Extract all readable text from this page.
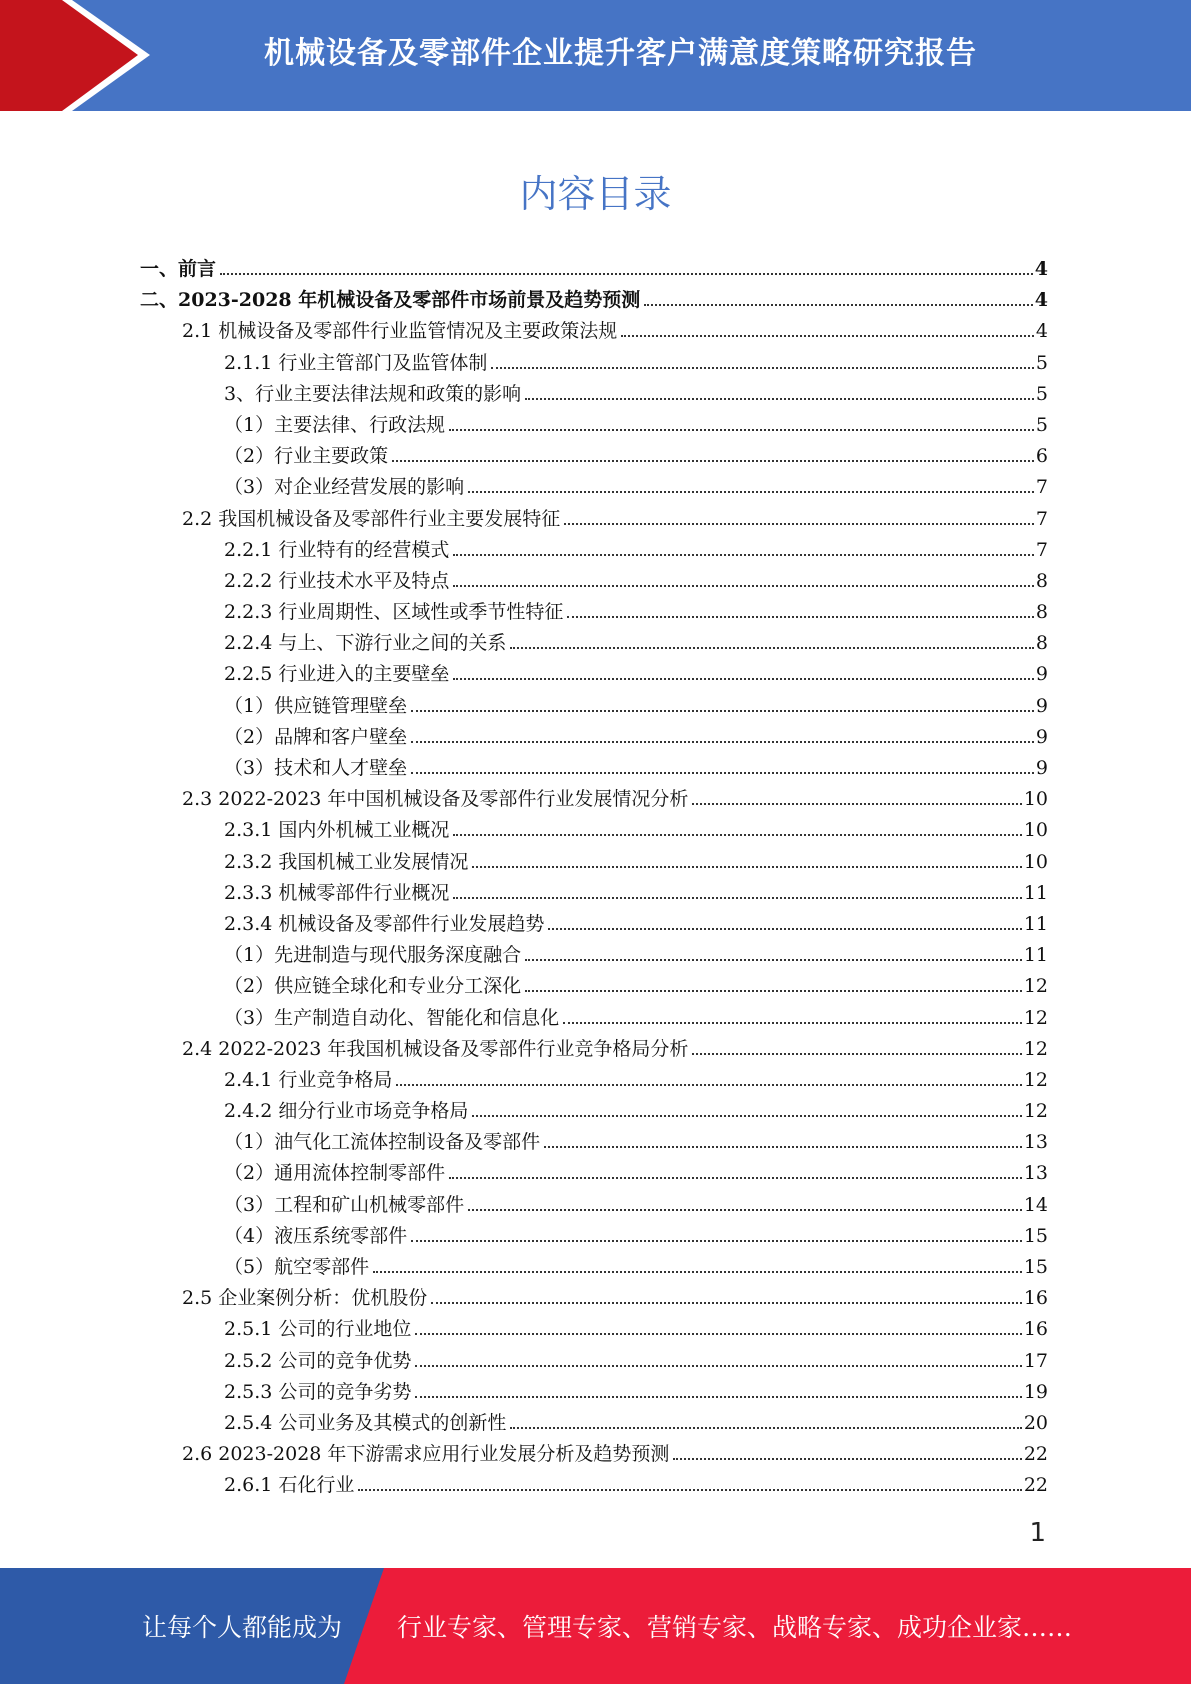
机械设备及零部件企业提升客户满意度策略研究报告
内容目录
一、前言	4
二、2023-2028 年机械设备及零部件市场前景及趋势预测	4
2.1 机械设备及零部件行业监管情况及主要政策法规	4
2.1.1 行业主管部门及监管体制	5
3、行业主要法律法规和政策的影响	5
（1）主要法律、行政法规	5
（2）行业主要政策	6
（3）对企业经营发展的影响	7
2.2 我国机械设备及零部件行业主要发展特征	7
2.2.1 行业特有的经营模式	7
2.2.2 行业技术水平及特点	8
2.2.3 行业周期性、区域性或季节性特征	8
2.2.4 与上、下游行业之间的关系	8
2.2.5 行业进入的主要壁垒	9
（1）供应链管理壁垒	9
（2）品牌和客户壁垒	9
（3）技术和人才壁垒	9
2.3 2022-2023 年中国机械设备及零部件行业发展情况分析	10
2.3.1 国内外机械工业概况	10
2.3.2 我国机械工业发展情况	10
2.3.3 机械零部件行业概况	11
2.3.4 机械设备及零部件行业发展趋势	11
（1）先进制造与现代服务深度融合	11
（2）供应链全球化和专业分工深化	12
（3）生产制造自动化、智能化和信息化	12
2.4 2022-2023 年我国机械设备及零部件行业竞争格局分析	12
2.4.1 行业竞争格局	12
2.4.2 细分行业市场竞争格局	12
（1）油气化工流体控制设备及零部件	13
（2）通用流体控制零部件	13
（3）工程和矿山机械零部件	14
（4）液压系统零部件	15
（5）航空零部件	15
2.5 企业案例分析：优机股份	16
2.5.1 公司的行业地位	16
2.5.2 公司的竞争优势	17
2.5.3 公司的竞争劣势	19
2.5.4 公司业务及其模式的创新性	20
2.6 2023-2028 年下游需求应用行业发展分析及趋势预测	22
2.6.1 石化行业	22
1
让每个人都能成为 行业专家、管理专家、营销专家、战略专家、成功企业家……
